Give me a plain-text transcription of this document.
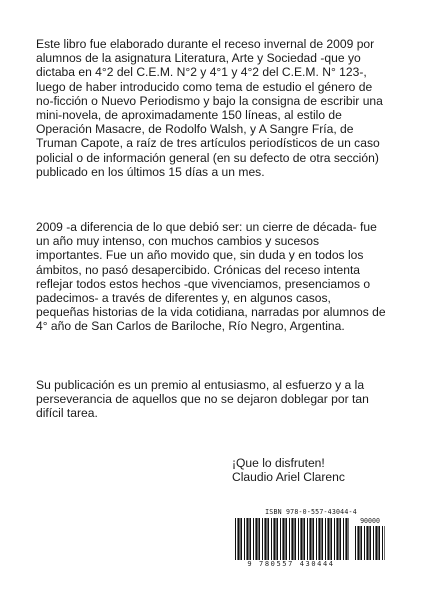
Este libro fue elaborado durante el receso invernal de 2009 por alumnos de la asignatura Literatura, Arte y Sociedad -que yo dictaba en 4°2 del C.E.M. N°2 y 4°1 y 4°2 del C.E.M. N° 123-, luego de haber introducido como tema de estudio el género de no-ficción o Nuevo Periodismo y bajo la consigna de escribir una mini-novela, de aproximadamente 150 líneas, al estilo de Operación Masacre, de Rodolfo Walsh, y A Sangre Fría, de Truman Capote, a raíz de tres artículos periodísticos de un caso policial o de información general (en su defecto de otra sección) publicado en los últimos 15 días a un mes.

2009 -a diferencia de lo que debió ser: un cierre de década- fue un año muy intenso, con muchos cambios y sucesos importantes. Fue un año movido que, sin duda y en todos los ámbitos, no pasó desapercibido. Crónicas del receso intenta reflejar todos estos hechos -que vivenciamos, presenciamos o padecimos- a través de diferentes y, en algunos casos, pequeñas historias de la vida cotidiana, narradas por alumnos de 4° año de San Carlos de Bariloche, Río Negro, Argentina.

Su publicación es un premio al entusiasmo, al esfuerzo y a la perseverancia de aquellos que no se dejaron doblegar por tan difícil tarea.

¡Que lo disfruten!
Claudio Ariel Clarenc
ISBN 978-0-557-43044-4
90000
9 780557 430444
